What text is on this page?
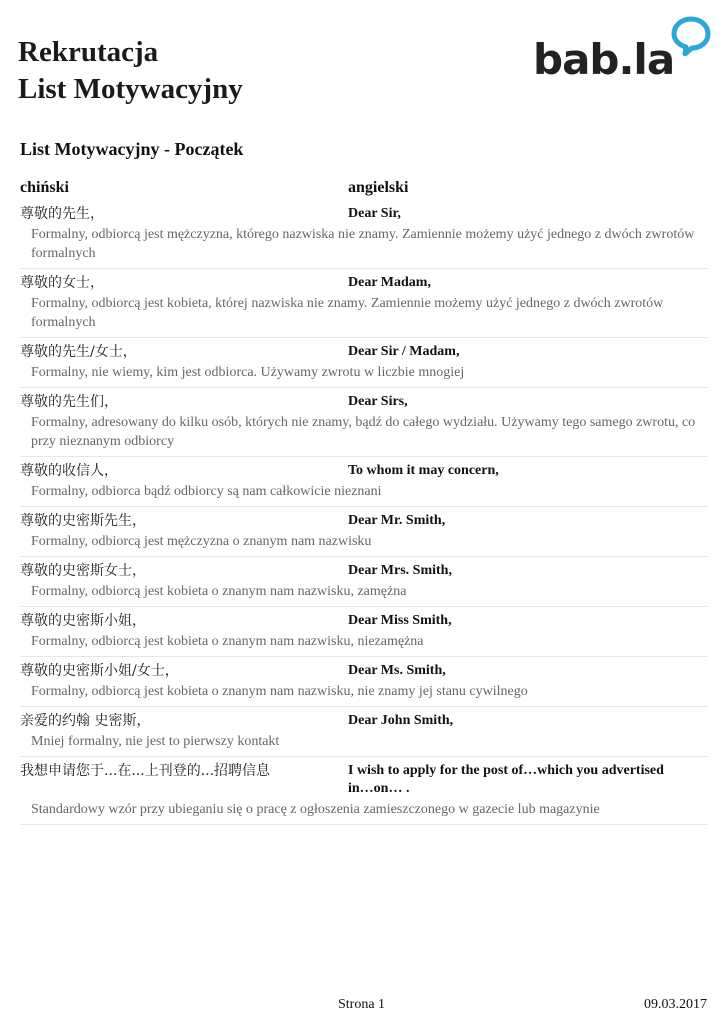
Rekrutacja
List Motywacyjny
bab.la
List Motywacyjny - Początek
chiński	angielski
尊敬的先生，	Dear Sir,
Formalny, odbiorcą jest mężczyzna, którego nazwiska nie znamy. Zamiennie możemy użyć jednego z dwóch zwrotów formalnych
尊敬的女士，	Dear Madam,
Formalny, odbiorcą jest kobieta, której nazwiska nie znamy. Zamiennie możemy użyć jednego z dwóch zwrotów formalnych
尊敬的先生/女士，	Dear Sir / Madam,
Formalny, nie wiemy, kim jest odbiorca. Używamy zwrotu w liczbie mnogiej
尊敬的先生们，	Dear Sirs,
Formalny, adresowany do kilku osób, których nie znamy, bądź do całego wydziału. Używamy tego samego zwrotu, co przy nieznanym odbiorcy
尊敬的收信人，	To whom it may concern,
Formalny, odbiorca bądź odbiorcy są nam całkowicie nieznani
尊敬的史密斯先生，	Dear Mr. Smith,
Formalny, odbiorcą jest mężczyzna o znanym nam nazwisku
尊敬的史密斯女士，	Dear Mrs. Smith,
Formalny, odbiorcą jest kobieta o znanym nam nazwisku, zamężna
尊敬的史密斯小姐，	Dear Miss Smith,
Formalny, odbiorcą jest kobieta o znanym nam nazwisku, niezamężna
尊敬的史密斯小姐/女士，	Dear Ms. Smith,
Formalny, odbiorcą jest kobieta o znanym nam nazwisku, nie znamy jej stanu cywilnego
亲爱的约翰 史密斯，	Dear John Smith,
Mniej formalny, nie jest to pierwszy kontakt
我想申请您于...在...上刊登的...招聘信息	I wish to apply for the post of…which you advertised in…on… .
Standardowy wzór przy ubieganiu się o pracę z ogłoszenia zamieszczonego w gazecie lub magazynie
Strona 1	09.03.2017
